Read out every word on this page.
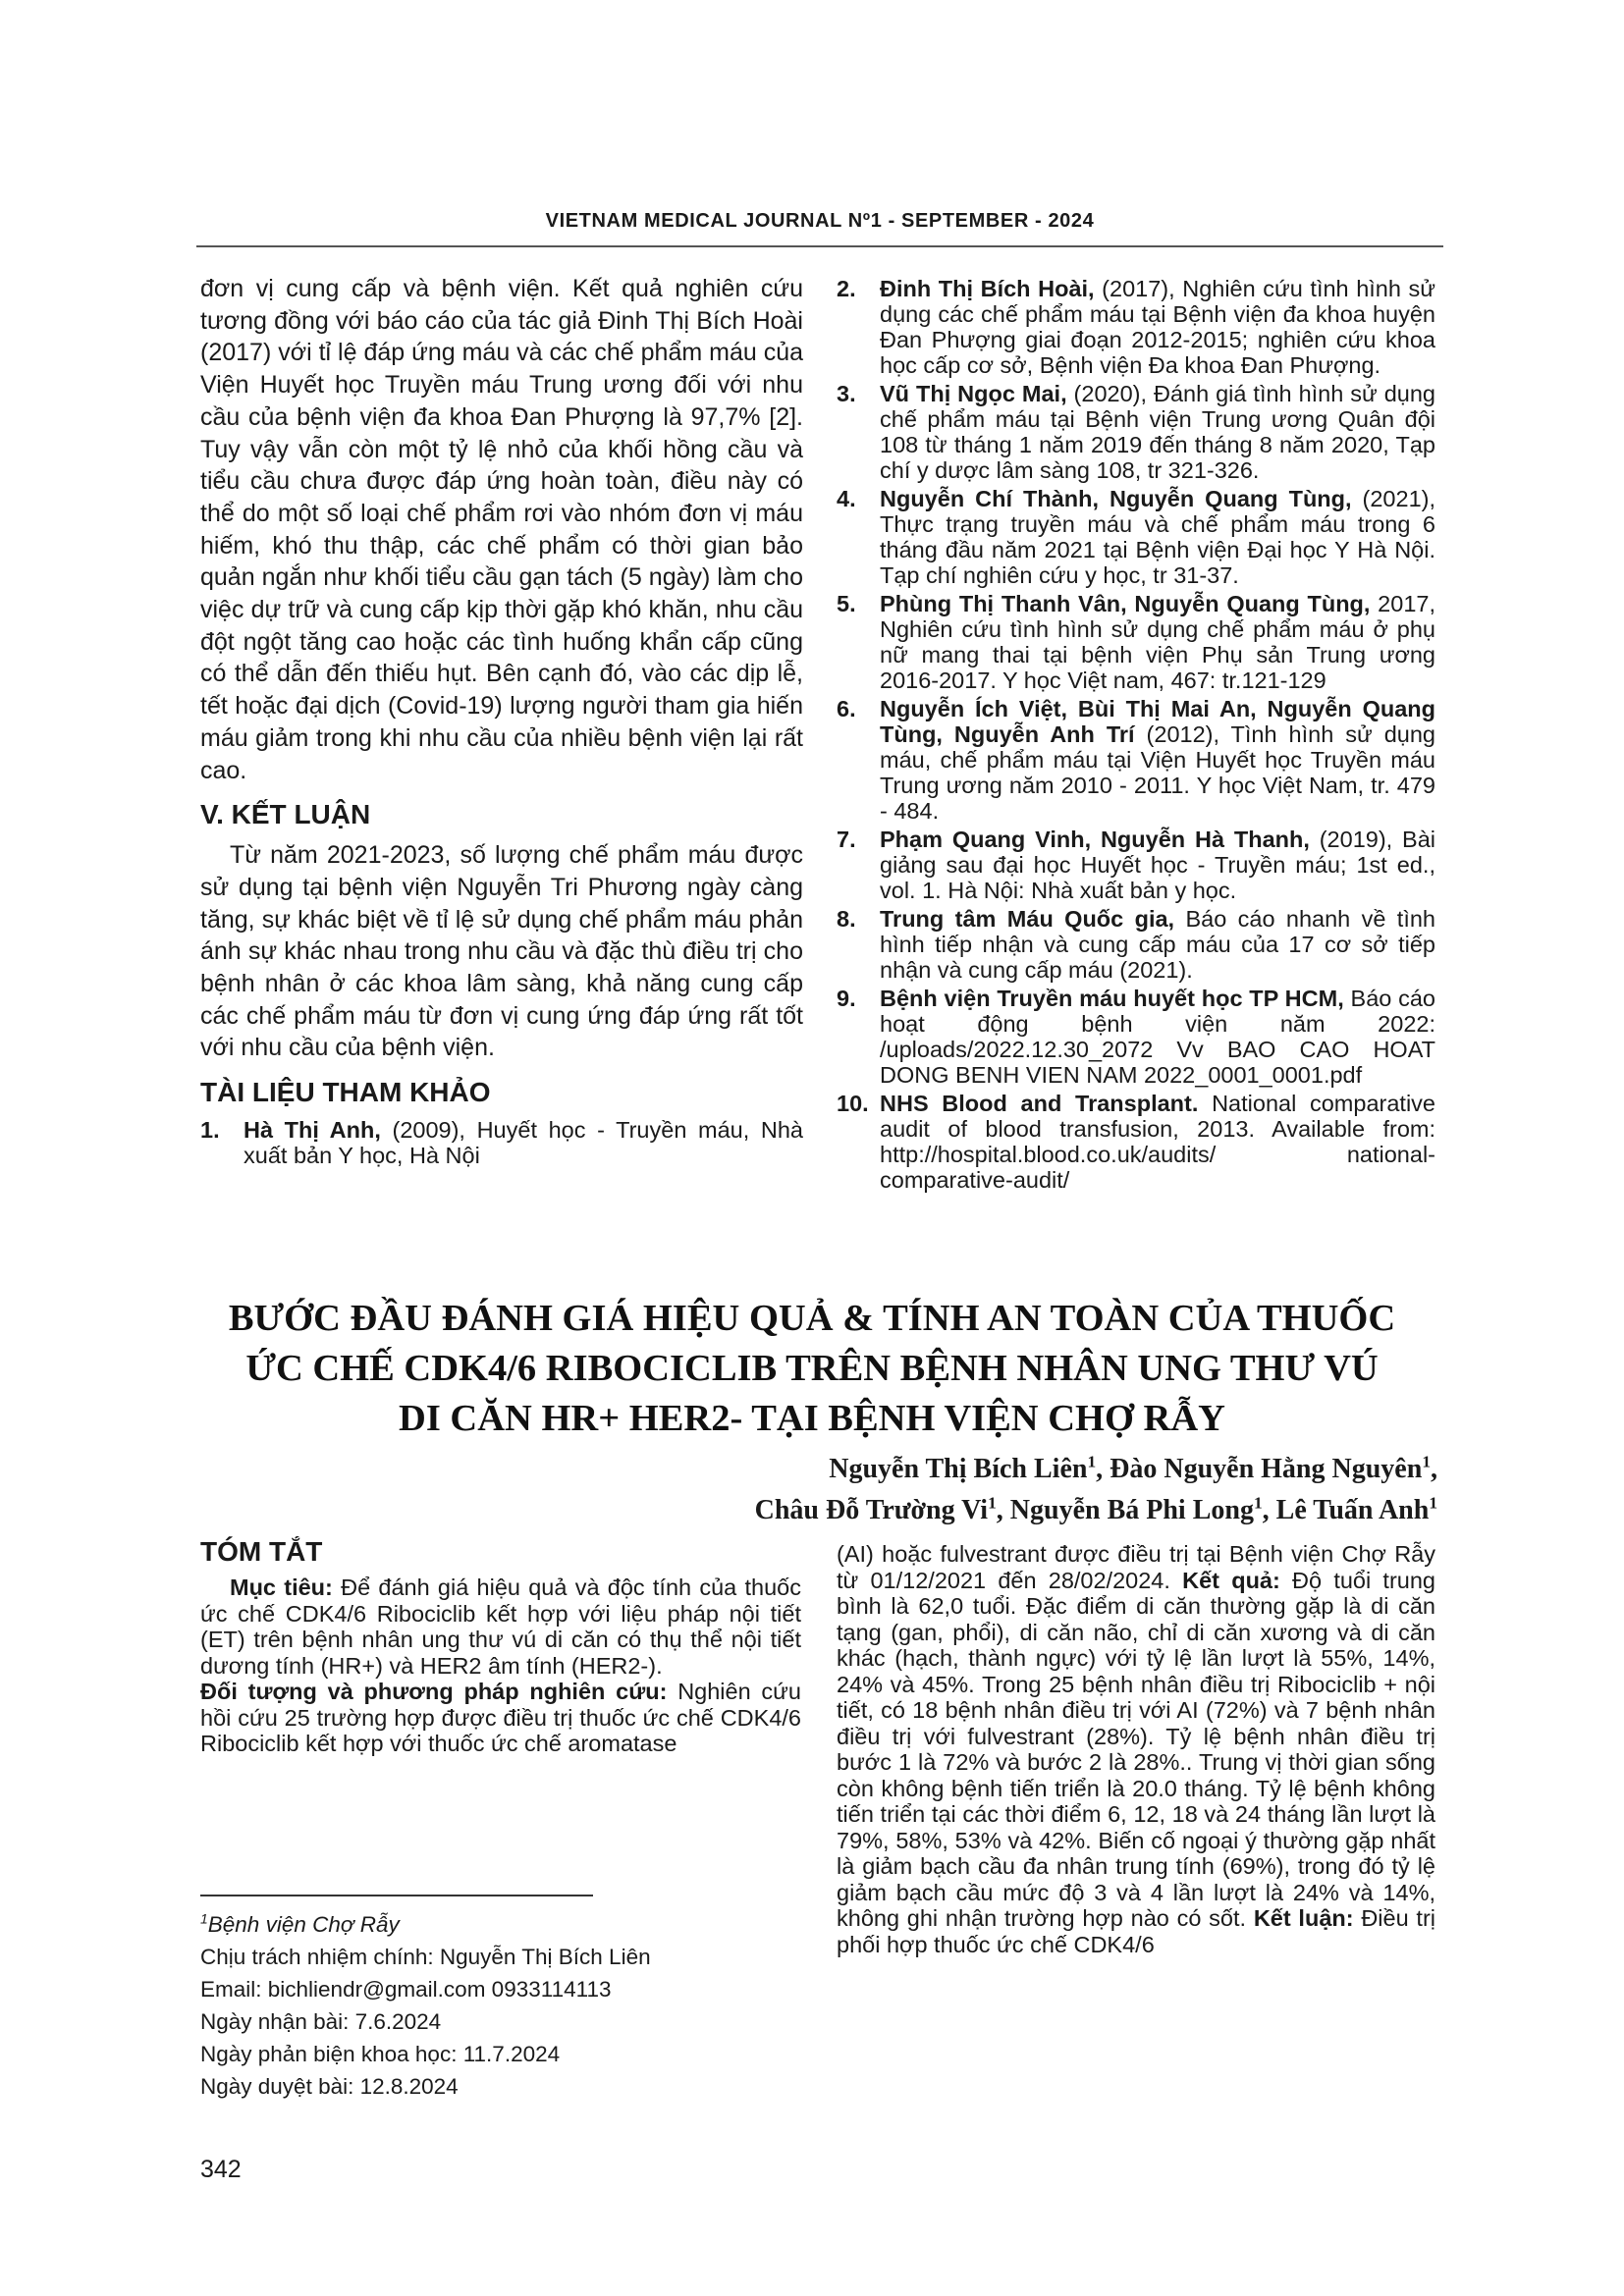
VIETNAM MEDICAL JOURNAL Nº1 - SEPTEMBER - 2024

đơn vị cung cấp và bệnh viện. Kết quả nghiên cứu tương đồng với báo cáo của tác giả Đinh Thị Bích Hoài (2017) với tỉ lệ đáp ứng máu và các chế phẩm máu của Viện Huyết học Truyền máu Trung ương đối với nhu cầu của bệnh viện đa khoa Đan Phượng là 97,7% [2]. Tuy vậy vẫn còn một tỷ lệ nhỏ của khối hồng cầu và tiểu cầu chưa được đáp ứng hoàn toàn, điều này có thể do một số loại chế phẩm rơi vào nhóm đơn vị máu hiếm, khó thu thập, các chế phẩm có thời gian bảo quản ngắn như khối tiểu cầu gạn tách (5 ngày) làm cho việc dự trữ và cung cấp kịp thời gặp khó khăn, nhu cầu đột ngột tăng cao hoặc các tình huống khẩn cấp cũng có thể dẫn đến thiếu hụt. Bên cạnh đó, vào các dịp lễ, tết hoặc đại dịch (Covid-19) lượng người tham gia hiến máu giảm trong khi nhu cầu của nhiều bệnh viện lại rất cao.

V. KẾT LUẬN

Từ năm 2021-2023, số lượng chế phẩm máu được sử dụng tại bệnh viện Nguyễn Tri Phương ngày càng tăng, sự khác biệt về tỉ lệ sử dụng chế phẩm máu phản ánh sự khác nhau trong nhu cầu và đặc thù điều trị cho bệnh nhân ở các khoa lâm sàng, khả năng cung cấp các chế phẩm máu từ đơn vị cung ứng đáp ứng rất tốt với nhu cầu của bệnh viện.

TÀI LIỆU THAM KHẢO
1.	Hà Thị Anh, (2009), Huyết học - Truyền máu, Nhà xuất bản Y học, Hà Nội
2.	Đinh Thị Bích Hoài, (2017), Nghiên cứu tình hình sử dụng các chế phẩm máu tại Bệnh viện đa khoa huyện Đan Phượng giai đoạn 2012-2015; nghiên cứu khoa học cấp cơ sở, Bệnh viện Đa khoa Đan Phượng.
3.	Vũ Thị Ngọc Mai, (2020), Đánh giá tình hình sử dụng chế phẩm máu tại Bệnh viện Trung ương Quân đội 108 từ tháng 1 năm 2019 đến tháng 8 năm 2020, Tạp chí y dược lâm sàng 108, tr 321-326.
4.	Nguyễn Chí Thành, Nguyễn Quang Tùng, (2021), Thực trạng truyền máu và chế phẩm máu trong 6 tháng đầu năm 2021 tại Bệnh viện Đại học Y Hà Nội. Tạp chí nghiên cứu y học, tr 31-37.
5.	Phùng Thị Thanh Vân, Nguyễn Quang Tùng, 2017, Nghiên cứu tình hình sử dụng chế phẩm máu ở phụ nữ mang thai tại bệnh viện Phụ sản Trung ương 2016-2017. Y học Việt nam, 467: tr.121-129
6.	Nguyễn Ích Việt, Bùi Thị Mai An, Nguyễn Quang Tùng, Nguyễn Anh Trí (2012), Tình hình sử dụng máu, chế phẩm máu tại Viện Huyết học Truyền máu Trung ương năm 2010 - 2011. Y học Việt Nam, tr. 479 - 484.
7.	Phạm Quang Vinh, Nguyễn Hà Thanh, (2019), Bài giảng sau đại học Huyết học - Truyền máu; 1st ed., vol. 1. Hà Nội: Nhà xuất bản y học.
8.	Trung tâm Máu Quốc gia, Báo cáo nhanh về tình hình tiếp nhận và cung cấp máu của 17 cơ sở tiếp nhận và cung cấp máu (2021).
9.	Bệnh viện Truyền máu huyết học TP HCM, Báo cáo hoạt động bệnh viện năm 2022: /uploads/2022.12.30_2072 Vv BAO CAO HOAT DONG BENH VIEN NAM 2022_0001_0001.pdf
10. NHS Blood and Transplant. National comparative audit of blood transfusion, 2013. Available from: http://hospital.blood.co.uk/audits/ national-comparative-audit/
BƯỚC ĐẦU ĐÁNH GIÁ HIỆU QUẢ & TÍNH AN TOÀN CỦA THUỐC ỨC CHẾ CDK4/6 RIBOCICLIB TRÊN BỆNH NHÂN UNG THƯ VÚ DI CĂN HR+ HER2- TẠI BỆNH VIỆN CHỢ RẪY
Nguyễn Thị Bích Liên$^1$, Đào Nguyễn Hằng Nguyên$^1$,
Châu Đỗ Trường Vi$^1$, Nguyễn Bá Phi Long$^1$, Lê Tuấn Anh$^1$
TÓM TẮT
Mục tiêu: Để đánh giá hiệu quả và độc tính của thuốc ức chế CDK4/6 Ribociclib kết hợp với liệu pháp nội tiết (ET) trên bệnh nhân ung thư vú di căn có thụ thể nội tiết dương tính (HR+) và HER2 âm tính (HER2-).
Đối tượng và phương pháp nghiên cứu: Nghiên cứu hồi cứu 25 trường hợp được điều trị thuốc ức chế CDK4/6 Ribociclib kết hợp với thuốc ức chế aromatase

(AI) hoặc fulvestrant được điều trị tại Bệnh viện Chợ Rẫy từ 01/12/2021 đến 28/02/2024. Kết quả: Độ tuổi trung bình là 62,0 tuổi. Đặc điểm di căn thường gặp là di căn tạng (gan, phổi), di căn não, chỉ di căn xương và di căn khác (hạch, thành ngực) với tỷ lệ lần lượt là 55%, 14%, 24% và 45%. Trong 25 bệnh nhân điều trị Ribociclib + nội tiết, có 18 bệnh nhân điều trị với AI (72%) và 7 bệnh nhân điều trị với fulvestrant (28%). Tỷ lệ bệnh nhân điều trị bước 1 là 72% và bước 2 là 28%.. Trung vị thời gian sống còn không bệnh tiến triển là 20.0 tháng. Tỷ lệ bệnh không tiến triển tại các thời điểm 6, 12, 18 và 24 tháng lần lượt là 79%, 58%, 53% và 42%. Biến cố ngoại ý thường gặp nhất là giảm bạch cầu đa nhân trung tính (69%), trong đó tỷ lệ giảm bạch cầu mức độ 3 và 4 lần lượt là 24% và 14%, không ghi nhận trường hợp nào có sốt. Kết luận: Điều trị phối hợp thuốc ức chế CDK4/6

$^1$Bệnh viện Chợ Rẫy
Chịu trách nhiệm chính: Nguyễn Thị Bích Liên
Email: bichliendr@gmail.com 0933114113
Ngày nhận bài: 7.6.2024
Ngày phản biện khoa học: 11.7.2024
Ngày duyệt bài: 12.8.2024
342
